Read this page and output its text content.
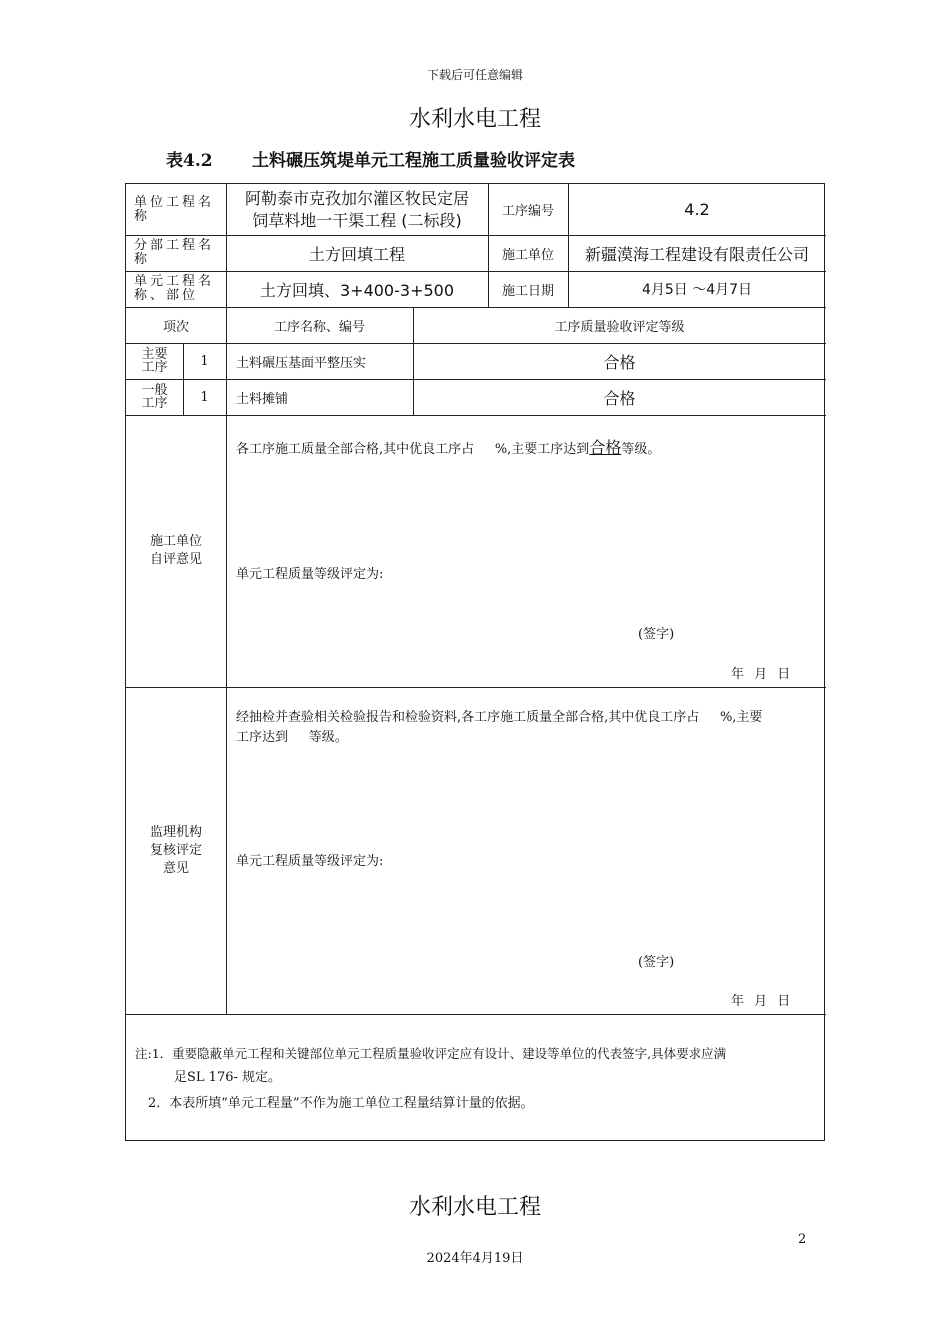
下载后可任意编辑
水利水电工程
表4.2 土料碾压筑堤单元工程施工质量验收评定表
单位工程名称
阿勒泰市克孜加尔灌区牧民定居
饲草料地一干渠工程 (二标段)	工序编号	4.2
分部工程名称	土方回填工程	施工单位	新疆漠海工程建设有限责任公司
单元工程名称、部位	土方回填、3+400-3+500	施工日期	4月5日 ～4月7日
项次	工序名称、编号	工序质量验收评定等级
主要工序	1	土料碾压基面平整压实	合格
一般工序	1	土料摊铺	合格
施工单位自评意见
各工序施工质量全部合格,其中优良工序占 %,主要工序达到合格等级。
单元工程质量等级评定为:
(签字)
年 月 日
监理机构复核评定意见
经抽检并查验相关检验报告和检验资料,各工序施工质量全部合格,其中优良工序占 %,主要
工序达到 等级。
单元工程质量等级评定为:
(签字)
年 月 日
注:1．重要隐蔽单元工程和关键部位单元工程质量验收评定应有设计、建设等单位的代表签字,具体要求应满
足SL 176- 规定。
2．本表所填”单元工程量”不作为施工单位工程量结算计量的依据。
水利水电工程
2
2024年4月19日
